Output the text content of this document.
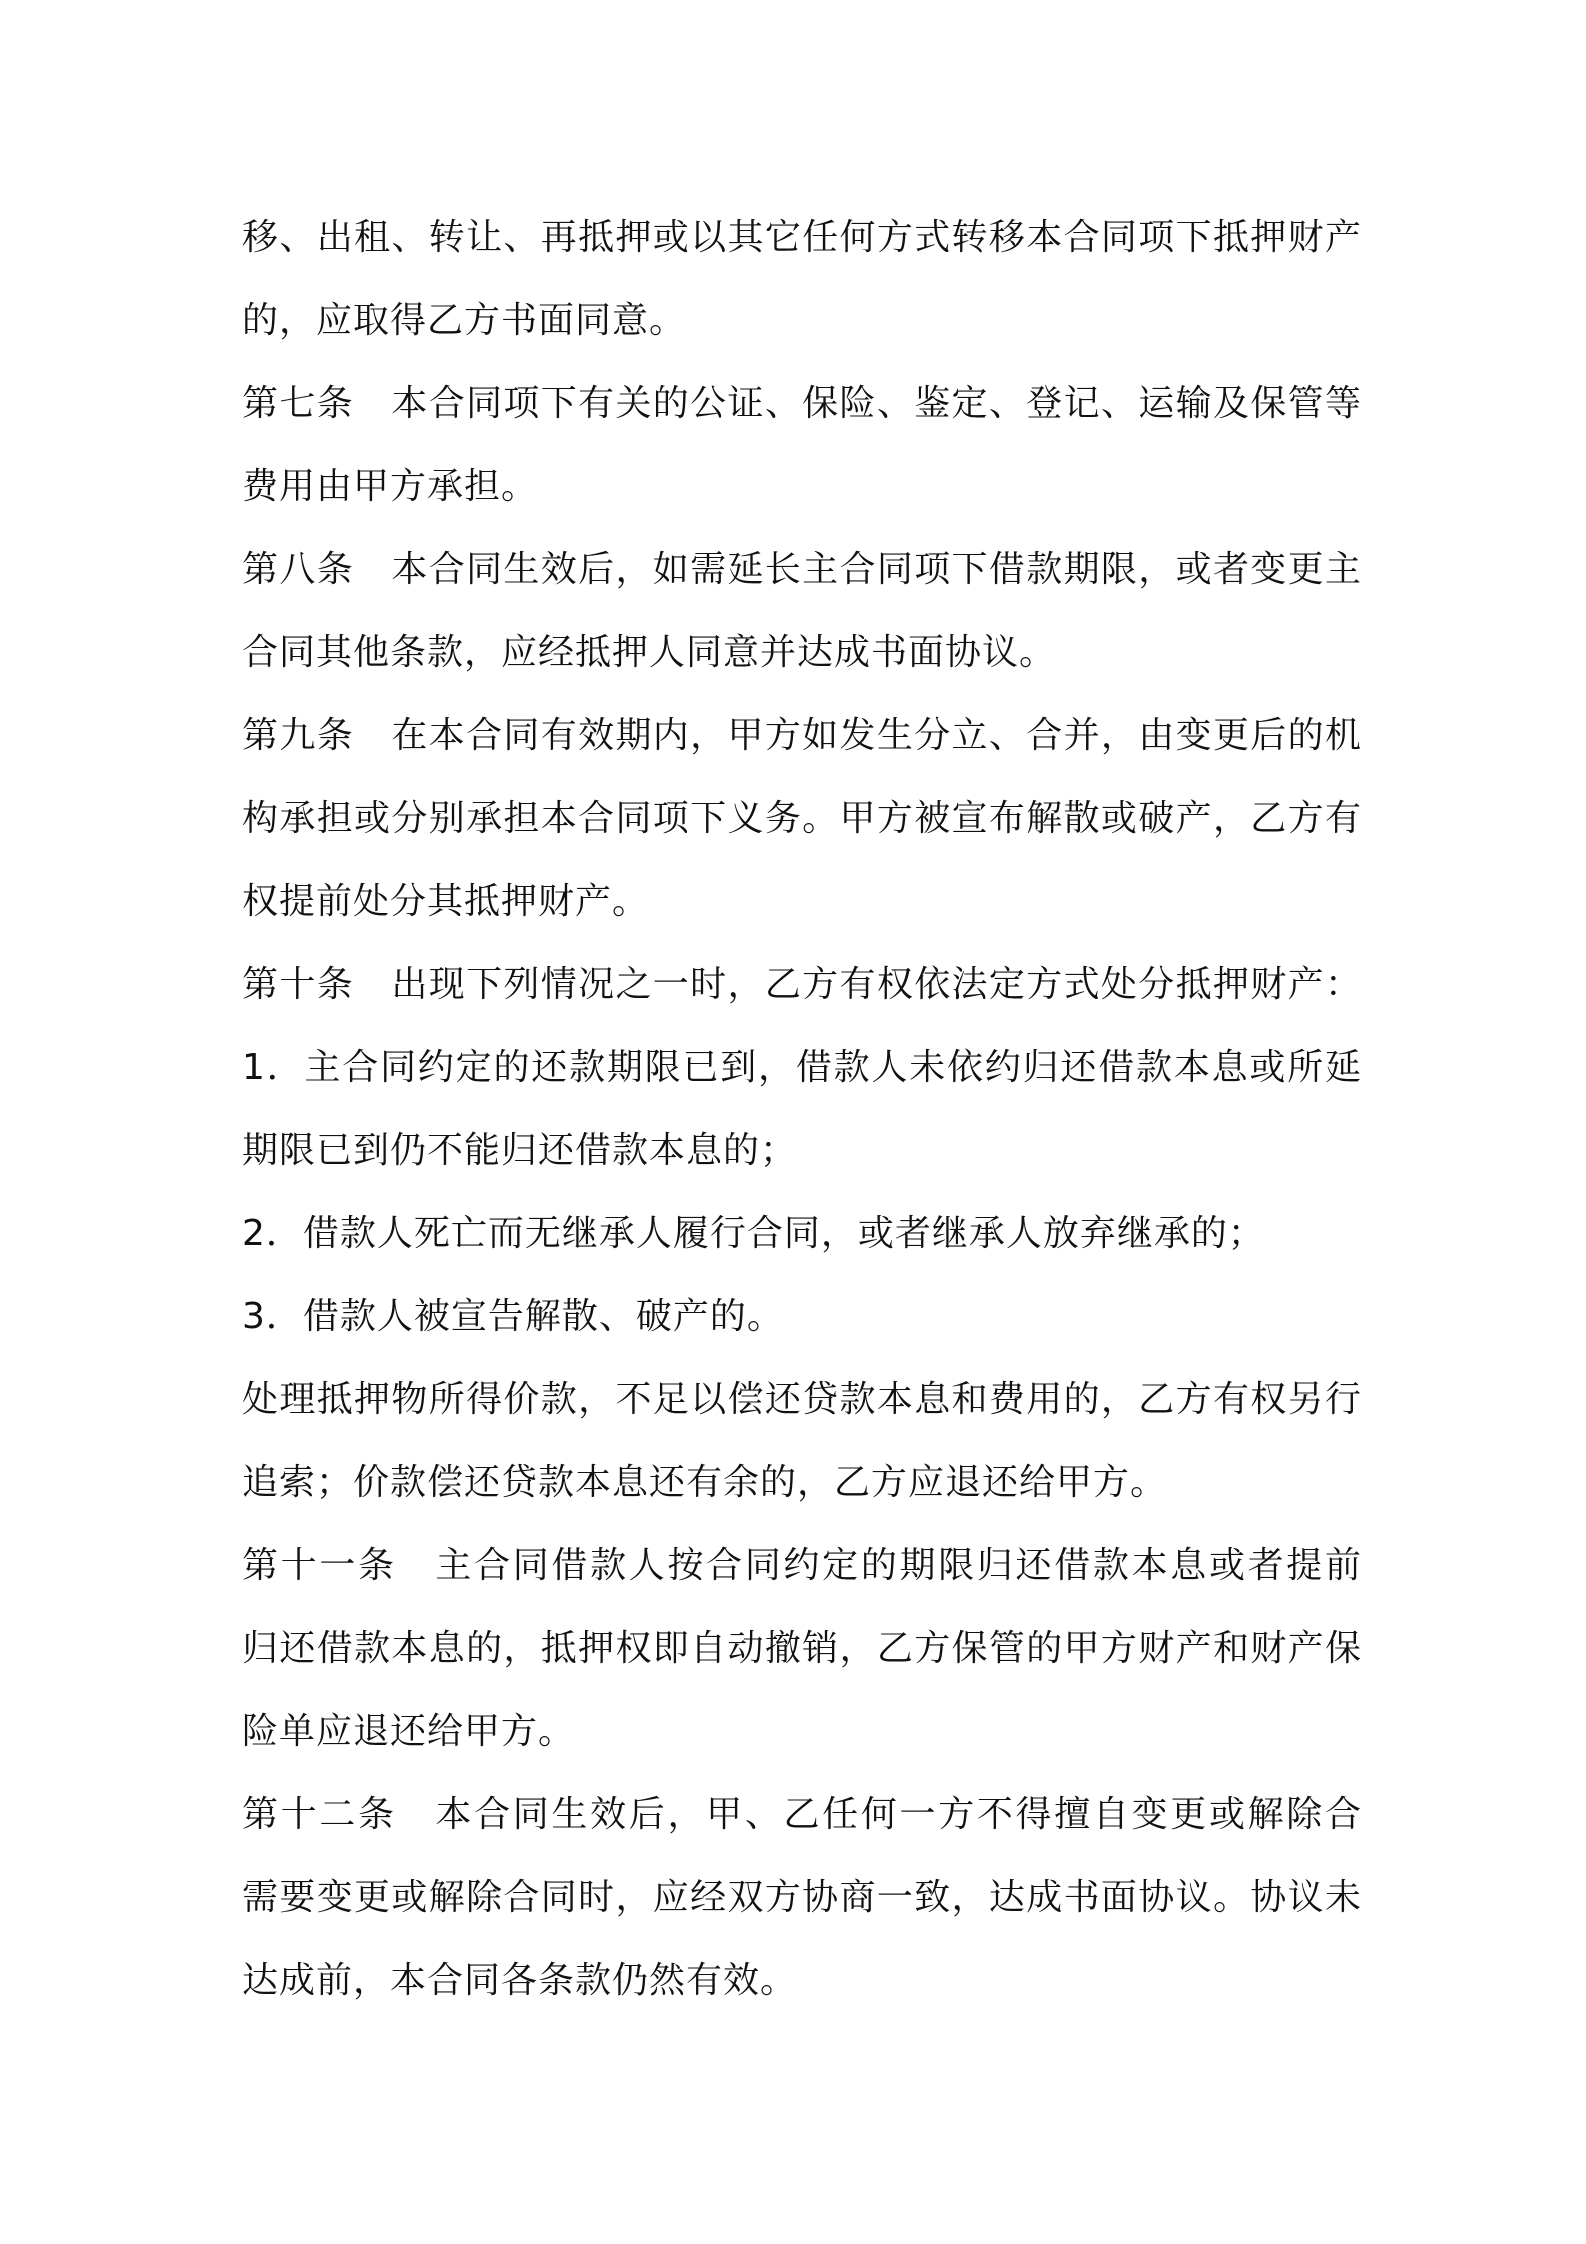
移、出租、转让、再抵押或以其它任何方式转移本合同项下抵押财产
的，应取得乙方书面同意。
第七条　本合同项下有关的公证、保险、鉴定、登记、运输及保管等
费用由甲方承担。
第八条　本合同生效后，如需延长主合同项下借款期限，或者变更主
合同其他条款，应经抵押人同意并达成书面协议。
第九条　在本合同有效期内，甲方如发生分立、合并，由变更后的机
构承担或分别承担本合同项下义务。甲方被宣布解散或破产，乙方有
权提前处分其抵押财产。
第十条　出现下列情况之一时，乙方有权依法定方式处分抵押财产：
1．主合同约定的还款期限已到，借款人未依约归还借款本息或所延
期限已到仍不能归还借款本息的；
2．借款人死亡而无继承人履行合同，或者继承人放弃继承的；
3．借款人被宣告解散、破产的。
处理抵押物所得价款，不足以偿还贷款本息和费用的，乙方有权另行
追索；价款偿还贷款本息还有余的，乙方应退还给甲方。
第十一条　主合同借款人按合同约定的期限归还借款本息或者提前
归还借款本息的，抵押权即自动撤销，乙方保管的甲方财产和财产保
险单应退还给甲方。
第十二条　本合同生效后，甲、乙任何一方不得擅自变更或解除合
需要变更或解除合同时，应经双方协商一致，达成书面协议。协议未
达成前，本合同各条款仍然有效。
